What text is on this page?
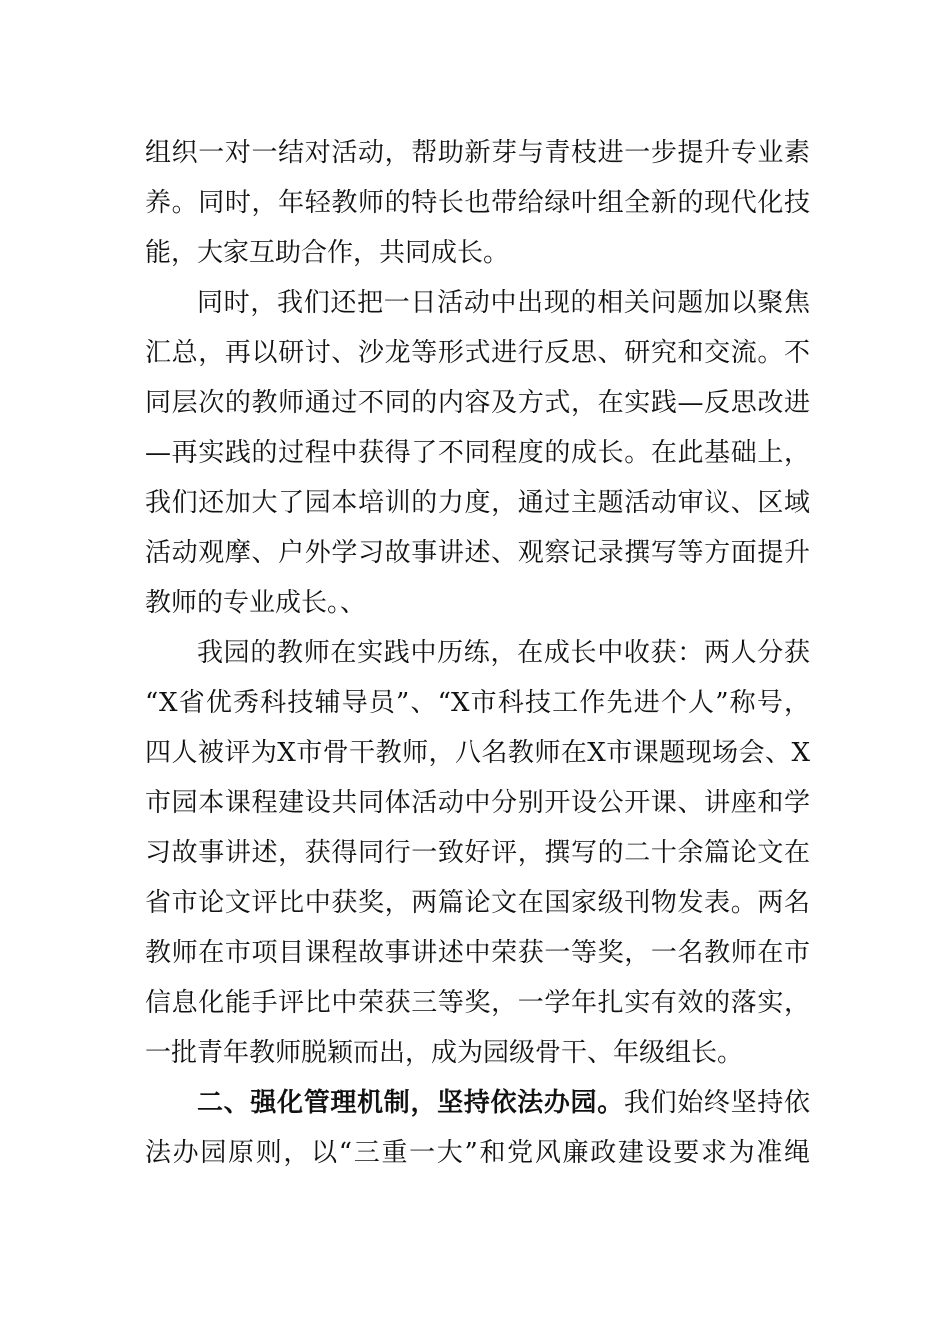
组织一对一结对活动，帮助新芽与青枝进一步提升专业素
养。同时，年轻教师的特长也带给绿叶组全新的现代化技
能，大家互助合作，共同成长。
同时，我们还把一日活动中出现的相关问题加以聚焦
汇总，再以研讨、沙龙等形式进行反思、研究和交流。不
同层次的教师通过不同的内容及方式，在实践—反思改进
—再实践的过程中获得了不同程度的成长。在此基础上，
我们还加大了园本培训的力度，通过主题活动审议、区域
活动观摩、户外学习故事讲述、观察记录撰写等方面提升
教师的专业成长。、
我园的教师在实践中历练，在成长中收获：两人分获
“X省优秀科技辅导员”、“X市科技工作先进个人”称号，
四人被评为X市骨干教师，八名教师在X市课题现场会、X
市园本课程建设共同体活动中分别开设公开课、讲座和学
习故事讲述，获得同行一致好评，撰写的二十余篇论文在
省市论文评比中获奖，两篇论文在国家级刊物发表。两名
教师在市项目课程故事讲述中荣获一等奖，一名教师在市
信息化能手评比中荣获三等奖，一学年扎实有效的落实，
一批青年教师脱颖而出，成为园级骨干、年级组长。
二、强化管理机制，坚持依法办园。我们始终坚持依
法办园原则，以“三重一大”和党风廉政建设要求为准绳
